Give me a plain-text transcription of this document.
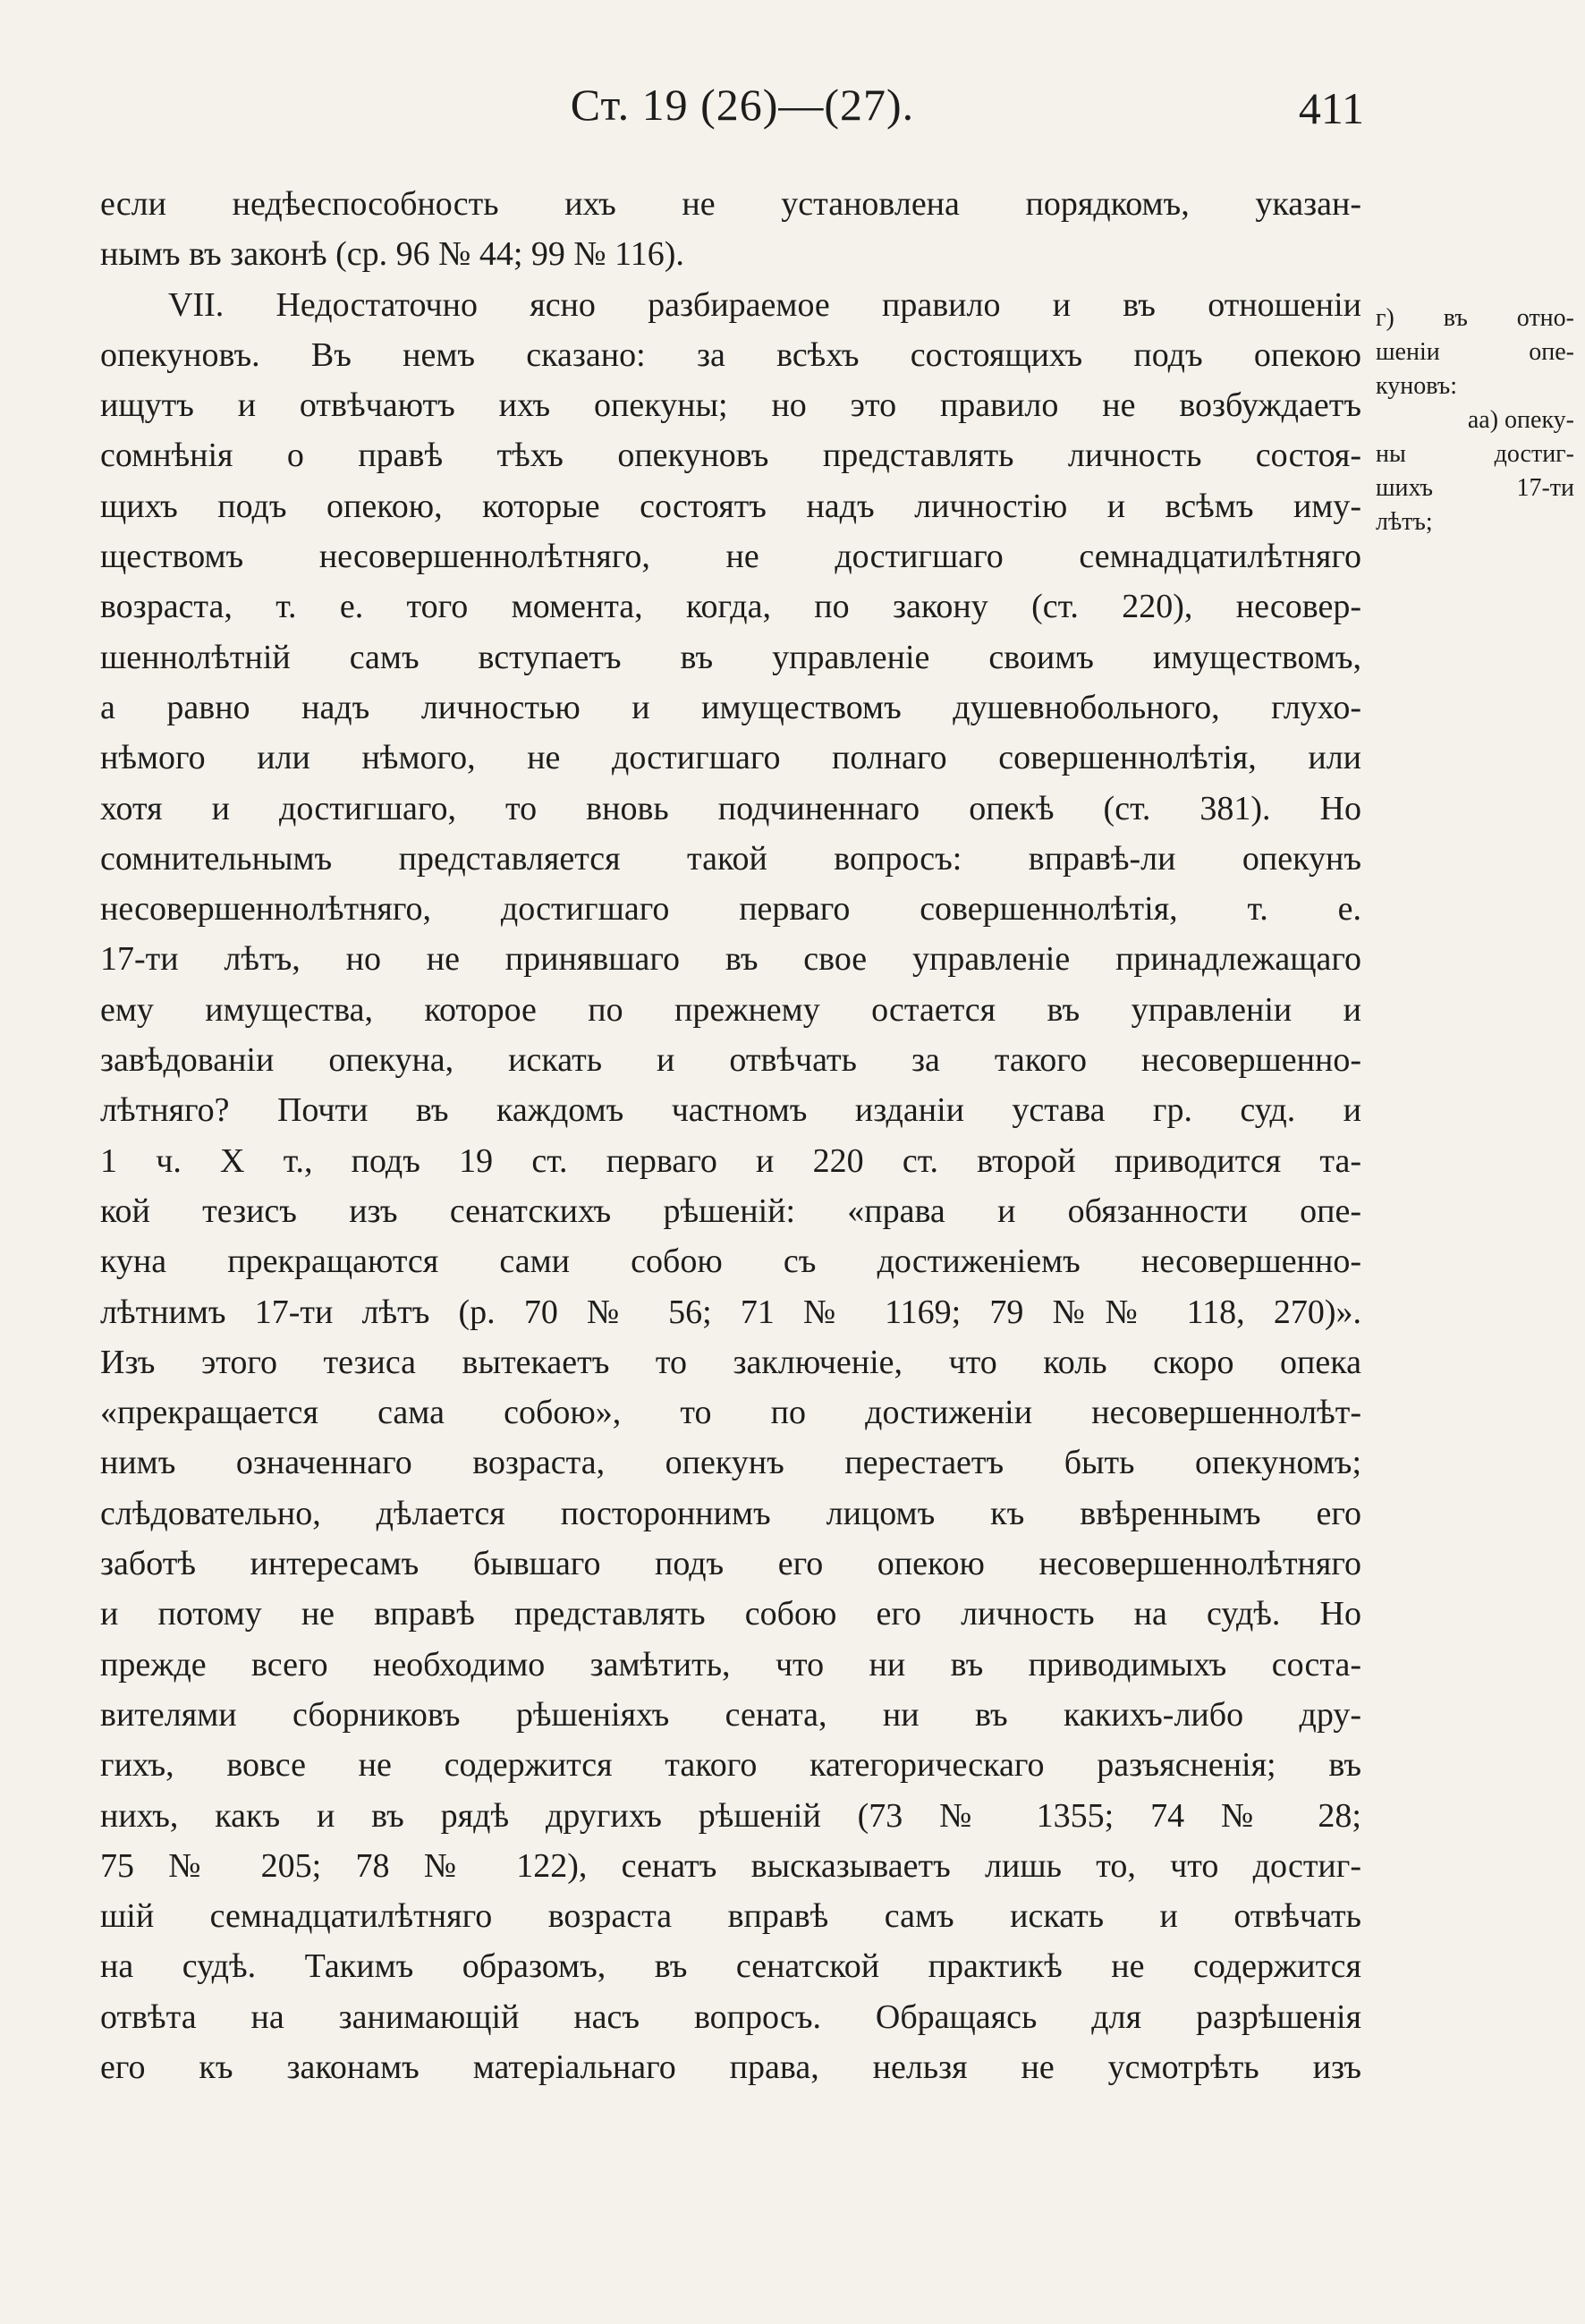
Ст. 19 (26)—(27).	411
если недѣеспособность ихъ не установлена порядкомъ, указан-
нымъ въ законѣ (ср. 96 № 44; 99 № 116).
VII. Недостаточно ясно разбираемое правило и въ отношеніи
опекуновъ. Въ немъ сказано: за всѣхъ состоящихъ подъ опекою
ищутъ и отвѣчаютъ ихъ опекуны; но это правило не возбуждаетъ
сомнѣнія о правѣ тѣхъ опекуновъ представлять личность состоя-
щихъ подъ опекою, которые состоятъ надъ личностію и всѣмъ иму-
ществомъ несовершеннолѣтняго, не достигшаго семнадцатилѣтняго
возраста, т. е. того момента, когда, по закону (ст. 220), несовер-
шеннолѣтній самъ вступаетъ въ управленіе своимъ имуществомъ,
а равно надъ личностью и имуществомъ душевнобольного, глухо-
нѣмого или нѣмого, не достигшаго полнаго совершеннолѣтія, или
хотя и достигшаго, то вновь подчиненнаго опекѣ (ст. 381). Но
сомнительнымъ представляется такой вопросъ: вправѣ-ли опекунъ
несовершеннолѣтняго, достигшаго перваго совершеннолѣтія, т. е.
17-ти лѣтъ, но не принявшаго въ свое управленіе принадлежащаго
ему имущества, которое по прежнему остается въ управленіи и
завѣдованіи опекуна, искать и отвѣчать за такого несовершенно-
лѣтняго? Почти въ каждомъ частномъ изданіи устава гр. суд. и
1 ч. X т., подъ 19 ст. перваго и 220 ст. второй приводится та-
кой тезисъ изъ сенатскихъ рѣшеній: «права и обязанности опе-
куна прекращаются сами собою съ достиженіемъ несовершенно-
лѣтнимъ 17-ти лѣтъ (р. 70 № 56; 71 № 1169; 79 №№ 118, 270)».
Изъ этого тезиса вытекаетъ то заключеніе, что коль скоро опека
«прекращается сама собою», то по достиженіи несовершеннолѣт-
нимъ означеннаго возраста, опекунъ перестаетъ быть опекуномъ;
слѣдовательно, дѣлается постороннимъ лицомъ къ ввѣреннымъ его
заботѣ интересамъ бывшаго подъ его опекою несовершеннолѣтняго
и потому не вправѣ представлять собою его личность на судѣ. Но
прежде всего необходимо замѣтить, что ни въ приводимыхъ соста-
вителями сборниковъ рѣшеніяхъ сената, ни въ какихъ-либо дру-
гихъ, вовсе не содержится такого категорическаго разъясненія; въ
нихъ, какъ и въ рядѣ другихъ рѣшеній (73 № 1355; 74 № 28;
75 № 205; 78 № 122), сенатъ высказываетъ лишь то, что достиг-
шій семнадцатилѣтняго возраста вправѣ самъ искать и отвѣчать
на судѣ. Такимъ образомъ, въ сенатской практикѣ не содержится
отвѣта на занимающій насъ вопросъ. Обращаясь для разрѣшенія
его къ законамъ матеріальнаго права, нельзя не усмотрѣть изъ
г) въ отно-
шеніи опе-
куновъ:
аа) опеку-
ны достиг-
шихъ 17-ти
лѣтъ;
